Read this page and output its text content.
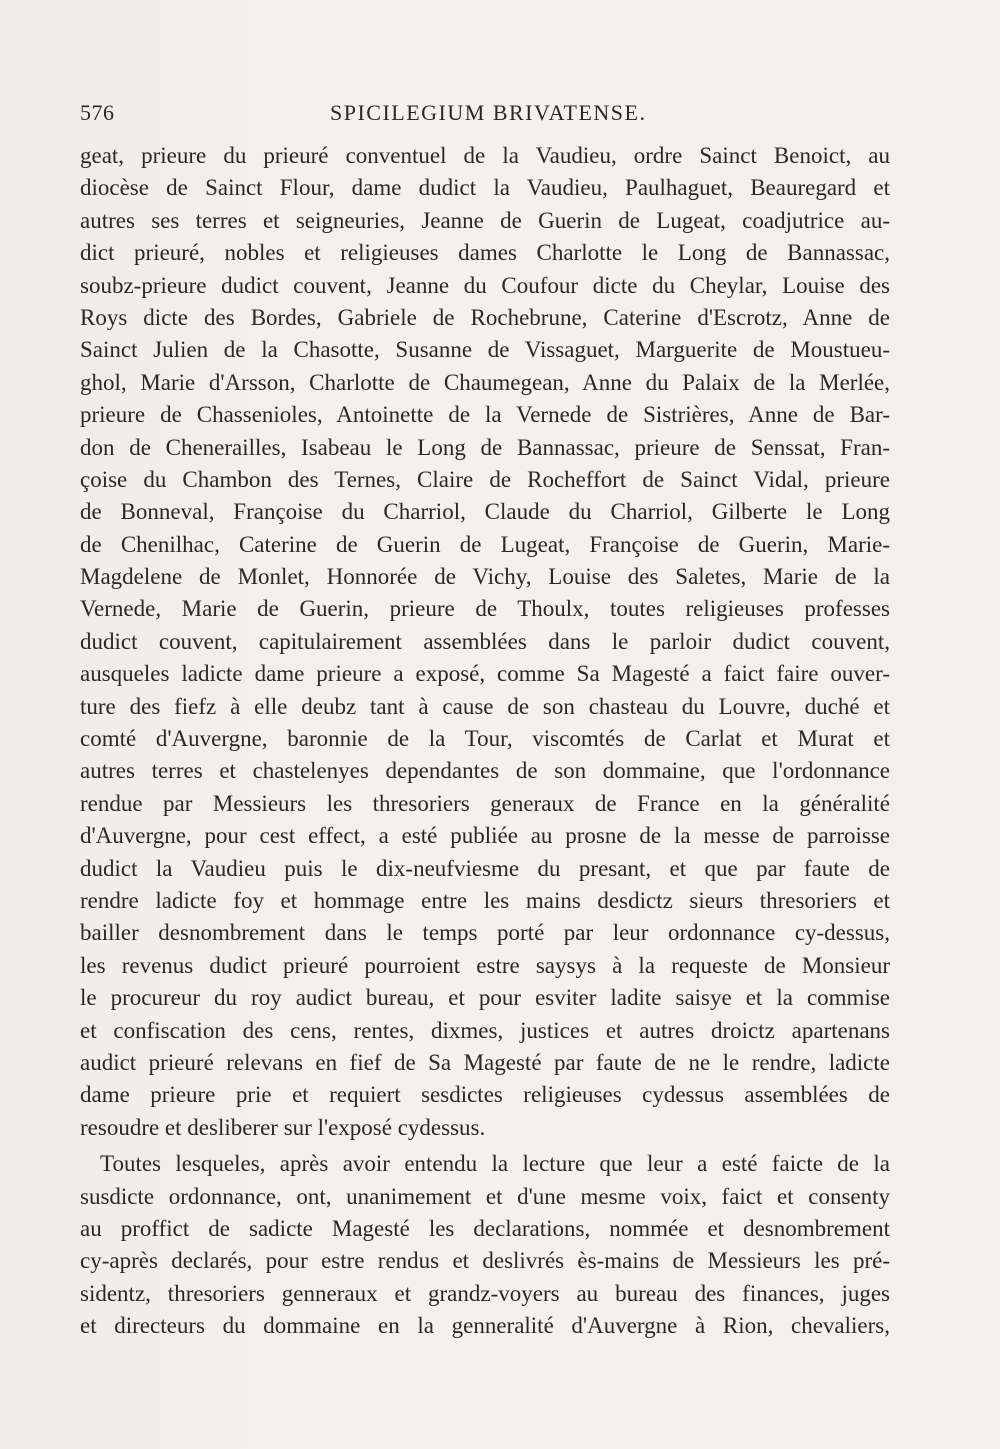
576	SPICILEGIUM BRIVATENSE.
geat, prieure du prieuré conventuel de la Vaudieu, ordre Sainct Benoict, au
diocèse de Sainct Flour, dame dudict la Vaudieu, Paulhaguet, Beauregard et
autres ses terres et seigneuries, Jeanne de Guerin de Lugeat, coadjutrice au-
dict prieuré, nobles et religieuses dames Charlotte le Long de Bannassac,
soubz-prieure dudict couvent, Jeanne du Coufour dicte du Cheylar, Louise des
Roys dicte des Bordes, Gabriele de Rochebrune, Caterine d'Escrotz, Anne de
Sainct Julien de la Chasotte, Susanne de Vissaguet, Marguerite de Moustueu-
ghol, Marie d'Arsson, Charlotte de Chaumegean, Anne du Palaix de la Merlée,
prieure de Chassenioles, Antoinette de la Vernede de Sistrières, Anne de Bar-
don de Chenerailles, Isabeau le Long de Bannassac, prieure de Senssat, Fran-
çoise du Chambon des Ternes, Claire de Rocheffort de Sainct Vidal, prieure
de Bonneval, Françoise du Charriol, Claude du Charriol, Gilberte le Long
de Chenilhac, Caterine de Guerin de Lugeat, Françoise de Guerin, Marie-
Magdelene de Monlet, Honnorée de Vichy, Louise des Saletes, Marie de la
Vernede, Marie de Guerin, prieure de Thoulx, toutes religieuses professes
dudict couvent, capitulairement assemblées dans le parloir dudict couvent,
ausqueles ladicte dame prieure a exposé, comme Sa Magesté a faict faire ouver-
ture des fiefz à elle deubz tant à cause de son chasteau du Louvre, duché et
comté d'Auvergne, baronnie de la Tour, viscomtés de Carlat et Murat et
autres terres et chastelenyes dependantes de son dommaine, que l'ordonnance
rendue par Messieurs les thresoriers generaux de France en la généralité
d'Auvergne, pour cest effect, a esté publiée au prosne de la messe de parroisse
dudict la Vaudieu puis le dix-neufviesme du presant, et que par faute de
rendre ladicte foy et hommage entre les mains desdictz sieurs thresoriers et
bailler desnombrement dans le temps porté par leur ordonnance cy-dessus,
les revenus dudict prieuré pourroient estre saysys à la requeste de Monsieur
le procureur du roy audict bureau, et pour esviter ladite saisye et la commise
et confiscation des cens, rentes, dixmes, justices et autres droictz apartenans
audict prieuré relevans en fief de Sa Magesté par faute de ne le rendre, ladicte
dame prieure prie et requiert sesdictes religieuses cydessus assemblées de
resoudre et desliberer sur l'exposé cydessus.
Toutes lesqueles, après avoir entendu la lecture que leur a esté faicte de la
susdicte ordonnance, ont, unanimement et d'une mesme voix, faict et consenty
au proffict de sadicte Magesté les declarations, nommée et desnombrement
cy-après declarés, pour estre rendus et deslivrés ès-mains de Messieurs les pré-
sidentz, thresoriers genneraux et grandz-voyers au bureau des finances, juges
et directeurs du dommaine en la genneralité d'Auvergne à Rion, chevaliers,
